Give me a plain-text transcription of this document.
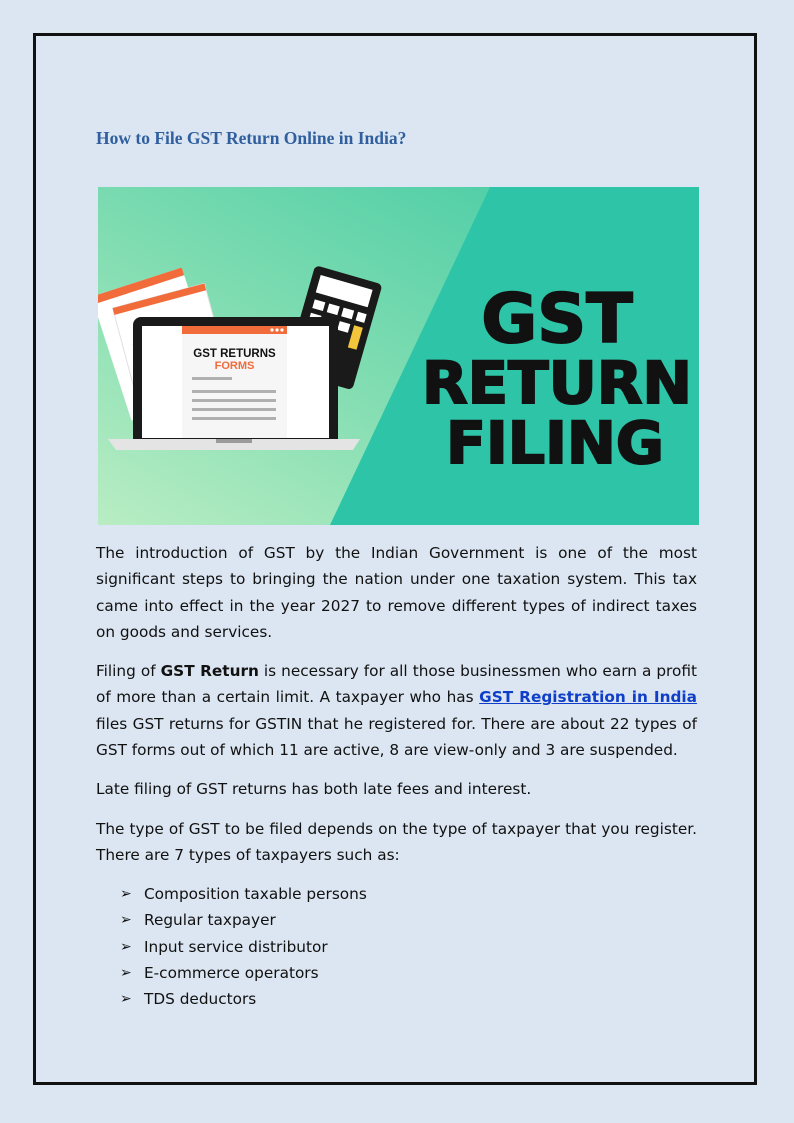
How to File GST Return Online in India?
GST RETURNS
FORMS
GST
RETURN
FILING

The introduction of GST by the Indian Government is one of the most significant steps to bringing the nation under one taxation system. This tax came into effect in the year 2027 to remove different types of indirect taxes on goods and services.

Filing of GST Return is necessary for all those businessmen who earn a profit of more than a certain limit. A taxpayer who has GST Registration in India files GST returns for GSTIN that he registered for. There are about 22 types of GST forms out of which 11 are active, 8 are view-only and 3 are suspended.

Late filing of GST returns has both late fees and interest.

The type of GST to be filed depends on the type of taxpayer that you register. There are 7 types of taxpayers such as:

➢ Composition taxable persons
➢ Regular taxpayer
➢ Input service distributor
➢ E-commerce operators
➢ TDS deductors
